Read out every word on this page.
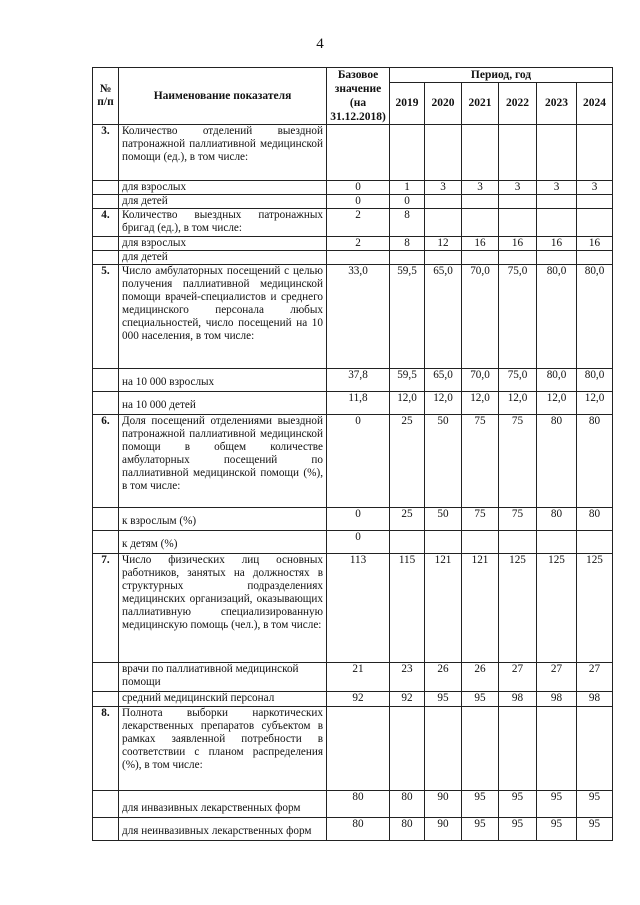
4
№
п/п	Наименование показателя	Базовое значение (на 31.12.2018)	Период, год					
			2019	2020	2021	2022	2023	2024
3.	Количество отделений выездной патронажной паллиативной медицинской помощи (ед.), в том числе:							
	для взрослых	0	1	3	3	3	3	3
	для детей	0	0					
4.	Количество выездных патронажных бригад (ед.), в том числе:	2	8					
	для взрослых	2	8	12	16	16	16	16
	для детей							
5.	Число амбулаторных посещений с целью получения паллиативной медицинской помощи врачей-специалистов и среднего медицинского персонала любых специальностей, число посещений на 10 000 населения, в том числе:	33,0	59,5	65,0	70,0	75,0	80,0	80,0
	на 10 000 взрослых	37,8	59,5	65,0	70,0	75,0	80,0	80,0
	на 10 000 детей	11,8	12,0	12,0	12,0	12,0	12,0	12,0
6.	Доля посещений отделениями выездной патронажной паллиативной медицинской помощи в общем количестве амбулаторных посещений по паллиативной медицинской помощи (%), в том числе:	0	25	50	75	75	80	80
	к взрослым (%)	0	25	50	75	75	80	80
	к детям (%)	0						
7.	Число физических лиц основных работников, занятых на должностях в структурных подразделениях медицинских организаций, оказывающих паллиативную специализированную медицинскую помощь (чел.), в том числе:	113	115	121	121	125	125	125
	врачи по паллиативной медицинской помощи	21	23	26	26	27	27	27
	средний медицинский персонал	92	92	95	95	98	98	98
8.	Полнота выборки наркотических лекарственных препаратов субъектом в рамках заявленной потребности в соответствии с планом распределения (%), в том числе:							
	для инвазивных лекарственных форм	80	80	90	95	95	95	95
	для неинвазивных лекарственных форм	80	80	90	95	95	95	95
